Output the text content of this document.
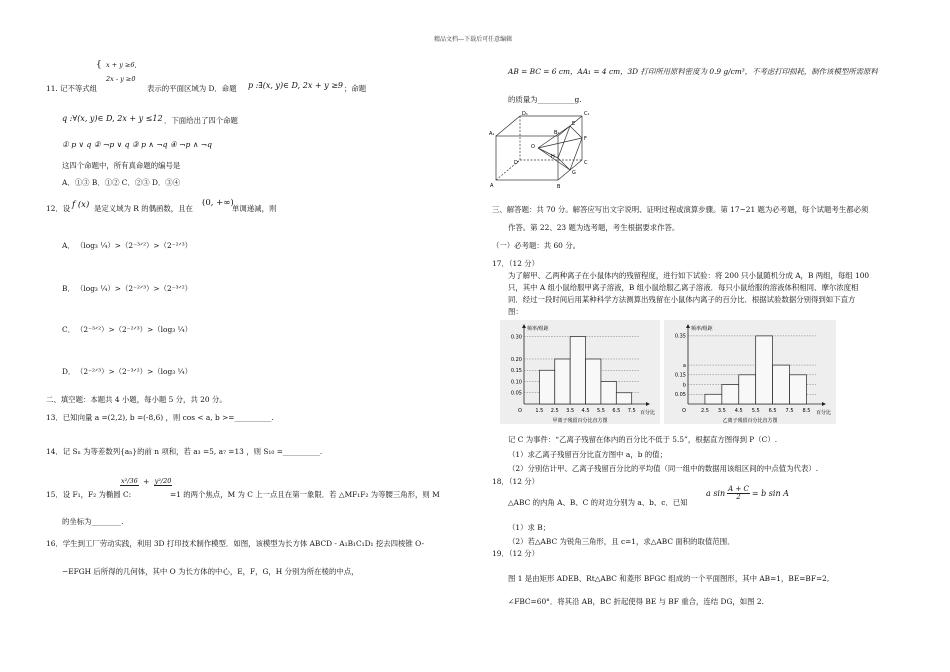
精品文档---下载后可任意编辑
{ x + y ≥6,
2x - y ≥0
11. 记不等式组	表示的平面区域为 D．命题 p :∃(x, y)∈ D, 2x + y ≥9 ；命题
q :∀(x, y)∈ D, 2x + y ≤12 ．下面给出了四个命题
① p ∨ q ② ¬p ∨ q ③ p ∧ ¬q ④ ¬p ∧ ¬q
这四个命题中，所有真命题的编号是
A．①③ B．①② C．②③ D．③④
12．设 f (x) 是定义域为 R 的偶函数，且在
(0, +∞)
单调递减，则
A． （log₃ ¼）>（2⁻³ᐟ²）>（2⁻²ᐟ³）
B． （log₃ ¼）>（2⁻²ᐟ³）>（2⁻³ᐟ²）
C． （2⁻³ᐟ²）>（2⁻²ᐟ³）>（log₃ ¼）
D． （2⁻²ᐟ³）>（2⁻³ᐟ²）>（log₃ ¼）
二、填空题：本题共 4 小题，每小题 5 分，共 20 分。
13．已知向量 a =(2,2), b =(-8,6) ，则 cos < a, b >=__________.
14．记 Sₙ 为等差数列{aₙ}的前 n 项和，若 a₃ =5, a₇ =13 ，则 S₁₀ =__________.
15．设 F₁，F₂ 为椭圆 C:
x²/36 + y²/20
=1 的两个焦点，M 为 C 上一点且在第一象限．若 △MF₁F₂ 为等腰三角形，则 M
的坐标为________.
16．学生到工厂劳动实践，利用 3D 打印技术制作模型．如图，该模型为长方体 ABCD - A₁B₁C₁D₁ 挖去四棱锥 O-
−EFGH 后所得的几何体，其中 O 为长方体的中心，E，F，G，H 分别为所在棱的中点，
AB = BC = 6 cm，AA₁ = 4 cm，3D 打印所用原料密度为 0.9 g/cm³，不考虑打印损耗，制作该模型所需原料
的质量为__________g.
D₁	C₁
A₁	B₁
D	C
A	B
O
E
F
G
H
三、解答题：共 70 分。解答应写出文字说明、证明过程或演算步骤。第 17~21 题为必考题，每个试题考生都必须
作答。第 22、23 题为选考题，考生根据要求作答。
（一）必考题：共 60 分。
17．（12 分）
为了解甲、乙两种离子在小鼠体内的残留程度，进行如下试验：将 200 只小鼠随机分成 A，B 两组，每组 100
只，其中 A 组小鼠给服甲离子溶液，B 组小鼠给服乙离子溶液．每只小鼠给服的溶液体积相同、摩尔浓度相
同．经过一段时间后用某种科学方法测算出残留在小鼠体内离子的百分比．根据试验数据分别得到如下直方
图：
0.05
0.10
0.15
0.20
0.30
O	1.5 2.5 3.5 4.5 5.5 6.5 7.5 百分比
频率/组距
甲离子残留百分比直方图
0.05
b
0.15
a
0.35
O	2.5 3.5 4.5 5.5 6.5 7.5 8.5 百分比
频率/组距
乙离子残留百分比直方图
记 C 为事件：“乙离子残留在体内的百分比不低于 5.5”，根据直方图得到 P（C）.
（1）求乙离子残留百分比直方图中 a，b 的值；
（2）分别估计甲、乙离子残留百分比的平均值（同一组中的数据用该组区间的中点值为代表）.
18．（12 分）
△ABC 的内角 A、B、C 的对边分别为 a、b、c．已知
a $\sin \frac{A + C}{2} = b$ sin A
（1）求 B；
（2）若△ABC 为锐角三角形，且 c=1，求△ABC 面积的取值范围．
19．（12 分）
图 1 是由矩形 ADEB、Rt△ABC 和菱形 BFGC 组成的一个平面图形，其中 AB=1，BE=BF=2,
∠FBC=60°．将其沿 AB，BC 折起使得 BE 与 BF 重合，连结 DG，如图 2.
